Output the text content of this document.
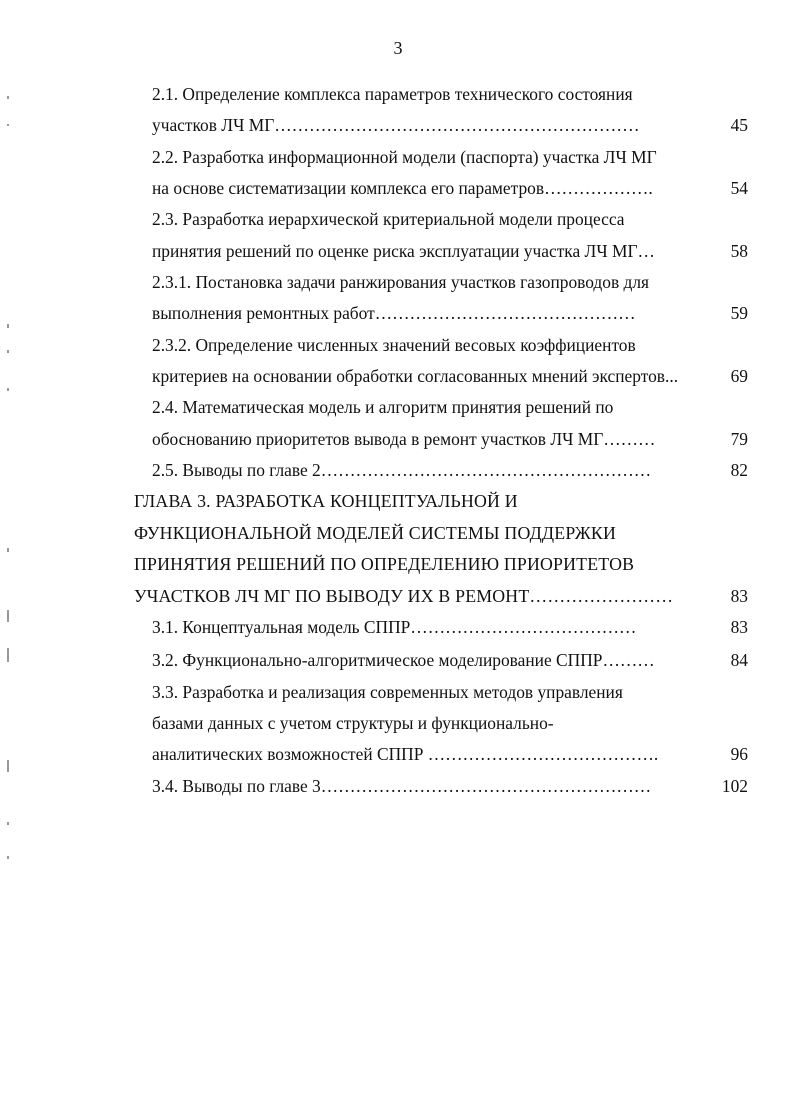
3
2.1. Определение комплекса параметров технического состояния
участков ЛЧ МГ………………………………………………………	45
2.2. Разработка информационной модели (паспорта) участка ЛЧ МГ
на основе систематизации комплекса его параметров……………….	54
2.3. Разработка иерархической критериальной модели процесса
принятия решений по оценке риска эксплуатации участка ЛЧ МГ…	58
2.3.1. Постановка задачи ранжирования участков газопроводов для
выполнения ремонтных работ………………………………………	59
2.3.2. Определение численных значений весовых коэффициентов
критериев на основании обработки согласованных мнений экспертов...	69
2.4. Математическая модель и алгоритм принятия решений по
обоснованию приоритетов вывода в ремонт участков ЛЧ МГ………	79
2.5. Выводы по главе 2…………………………………………………	82
ГЛАВА 3. РАЗРАБОТКА КОНЦЕПТУАЛЬНОЙ И
ФУНКЦИОНАЛЬНОЙ МОДЕЛЕЙ СИСТЕМЫ ПОДДЕРЖКИ
ПРИНЯТИЯ РЕШЕНИЙ ПО ОПРЕДЕЛЕНИЮ ПРИОРИТЕТОВ
УЧАСТКОВ ЛЧ МГ ПО ВЫВОДУ ИХ В РЕМОНТ……………………	83
3.1. Концептуальная модель СППР…………………………………	83
3.2. Функционально-алгоритмическое моделирование СППР………	84
3.3. Разработка и реализация современных методов управления
базами данных с учетом структуры и функционально-
аналитических возможностей СППР ………………………………….	96
3.4. Выводы по главе 3…………………………………………………	102
